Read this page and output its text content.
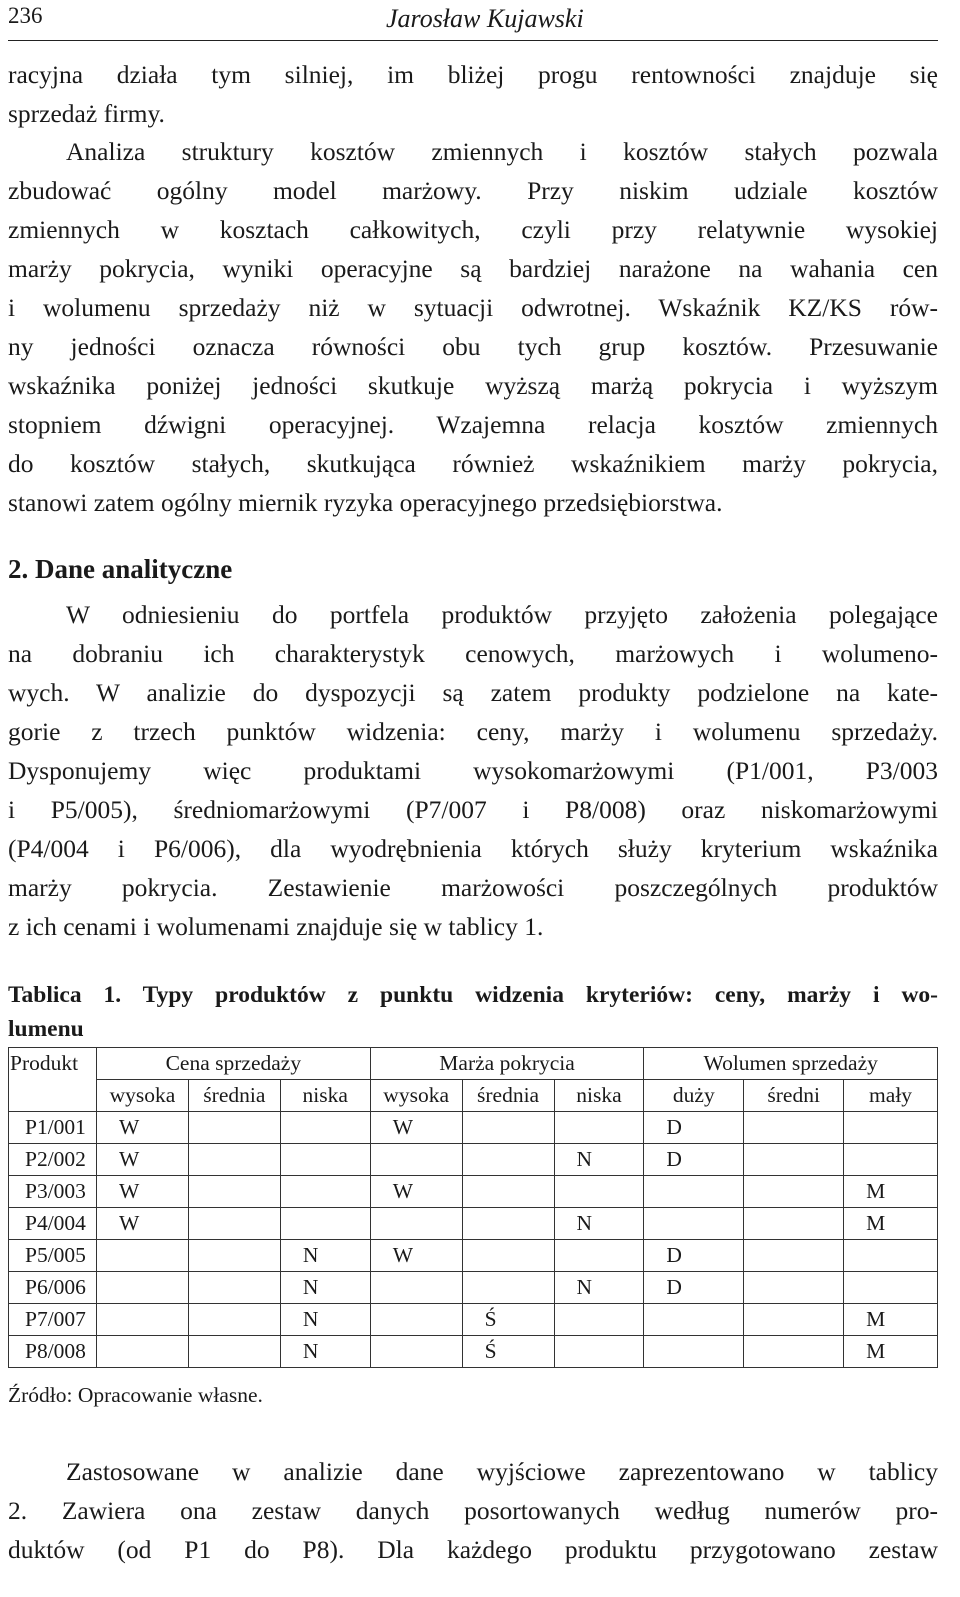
236	Jarosław Kujawski
racyjna działa tym silniej, im bliżej progu rentowności znajduje się
sprzedaż firmy.
Analiza struktury kosztów zmiennych i kosztów stałych pozwala
zbudować ogólny model marżowy. Przy niskim udziale kosztów
zmiennych w kosztach całkowitych, czyli przy relatywnie wysokiej
marży pokrycia, wyniki operacyjne są bardziej narażone na wahania cen
i wolumenu sprzedaży niż w sytuacji odwrotnej. Wskaźnik KZ/KS rów-
ny jedności oznacza równości obu tych grup kosztów. Przesuwanie
wskaźnika poniżej jedności skutkuje wyższą marżą pokrycia i wyższym
stopniem dźwigni operacyjnej. Wzajemna relacja kosztów zmiennych
do kosztów stałych, skutkująca również wskaźnikiem marży pokrycia,
stanowi zatem ogólny miernik ryzyka operacyjnego przedsiębiorstwa.
2. Dane analityczne
W odniesieniu do portfela produktów przyjęto założenia polegające
na dobraniu ich charakterystyk cenowych, marżowych i wolumeno-
wych. W analizie do dyspozycji są zatem produkty podzielone na kate-
gorie z trzech punktów widzenia: ceny, marży i wolumenu sprzedaży.
Dysponujemy więc produktami wysokomarżowymi (P1/001, P3/003
i P5/005), średniomarżowymi (P7/007 i P8/008) oraz niskomarżowymi
(P4/004 i P6/006), dla wyodrębnienia których służy kryterium wskaźnika
marży pokrycia. Zestawienie marżowości poszczególnych produktów
z ich cenami i wolumenami znajduje się w tablicy 1.
Tablica 1. Typy produktów z punktu widzenia kryteriów: ceny, marży i wo-
lumenu
Produkt	Cena sprzedaży			Marża pokrycia			Wolumen sprzedaży		
	wysoka	średnia	niska	wysoka	średnia	niska	duży	średni	mały
P1/001	W			W			D		
P2/002	W					N	D		
P3/003	W			W					M
P4/004	W					N			M
P5/005			N	W			D		
P6/006			N			N	D		
P7/007			N		Ś				M
P8/008			N		Ś				M

Źródło: Opracowanie własne.

Zastosowane w analizie dane wyjściowe zaprezentowano w tablicy
2. Zawiera ona zestaw danych posortowanych według numerów pro-
duktów (od P1 do P8). Dla każdego produktu przygotowano zestaw
